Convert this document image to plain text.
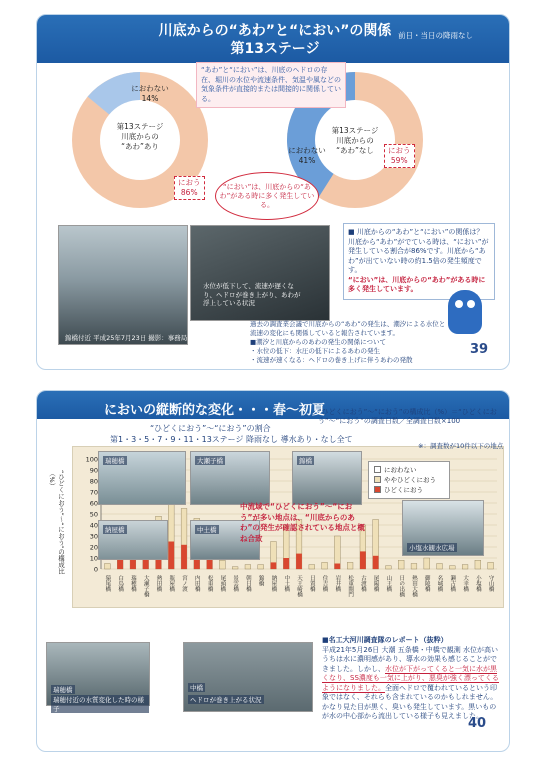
川底からの“あわ”と“におい”の関係
第13ステージ
前日・当日の降雨なし
“あわ”と“におい”は、川底のヘドロの存在、堀川の水位や流速条件、気温や風などの気象条件が直接的または間接的に関係している。
第13ステージ
川底からの
“あわ”あり
におわない
14%
におう
86%
第13ステージ
川底からの
“あわ”なし
におわない
41%
におう
59%
“におい”は、川底からの“あわ”がある時に多く発生している。
錦橋付近 平成25年7月23日 撮影：事務局
水位が低下して、流速が遅くなり、ヘドロが巻き上がり、あわが浮上している状況
■ 川底からの“あわ”と“におい”の関係は？
川底から“あわ”がでている時は、“におい”が発生している割合が86%です。川底から“あわ”が出ていない時の約1.5倍の発生頻度です。
“におい”は、川底からの“あわ”がある時に多く発生しています。
過去の調査業会議で川底からの“あわ”の発生は、潮汐による水位と流速の変化にも関係していると報告されています。
■潮汐と川底からのあわの発生の関係について
・水位の低下：水圧の低下によるあわの発生
・流速が速くなる：ヘドロの巻き上げに伴うあわの発散
39
においの縦断的な変化・・・春～初夏
“ひどくにおう”～“におう”の割合
第1・3・5・7・9・11・13ステージ 降雨なし 導水あり・なし全て
“ひどくにおう”～“におう”の構成比（%）＝“ひどくにおう”～“におう”の調査日数／全調査日数×100
0
10
20
30
40
50
60
70
80
90
100
猿尾橋 白鳥橋 瑞穂橋 大瀬子橋 熱田橋 瓶屋橋 宮ノ渡 内田橋 松重橋 尾頭橋 景雲橋 朝日橋 錦橋 納屋橋 中土橋 天王崎橋 日置橋 住吉橋 岩井橋 松重閘門 古渡橋 尾陽橋 山王橋 日の出橋 熱田大橋 御陵橋 名城橋 瀬古橋 大幸橋 小塩橋 守山橋
※：調査数が10件以下の地点
“ひどくにおう”～“におう”の構成比（%）	におわない
ややひどくにおう
ひどくにおう
瑞穂橋	大瀬子橋	錦橋
納屋橋	中土橋
小塩水観水広場
中流域で“ひどくにおう”～“におう”が多い地点は、“川底からのあわ”の発生が確認されている地点と概ね合致
瑞穂橋
瑞穂付近の水質変化した時の様子
中橋
ヘドロが巻き上がる状況
■名工大河川調査隊のレポート（抜粋）
平成21年5月26日 大潮 五条橋・中橋で観測 水位が高いうちは水に濃明感があり、導水の効果も感じることができました。しかし、水位が下がってくると一気に水が黒くなり、SS濃度も一気に上がり、悪臭が強く漂ってくるようになりました。全面ヘドロで覆われているという印象ではなく、それらも含まれているのかもしれません。かなり見た目が黒く、臭いも発生しています。黒いものが水の中心部から流出している様子も見えました。
40
